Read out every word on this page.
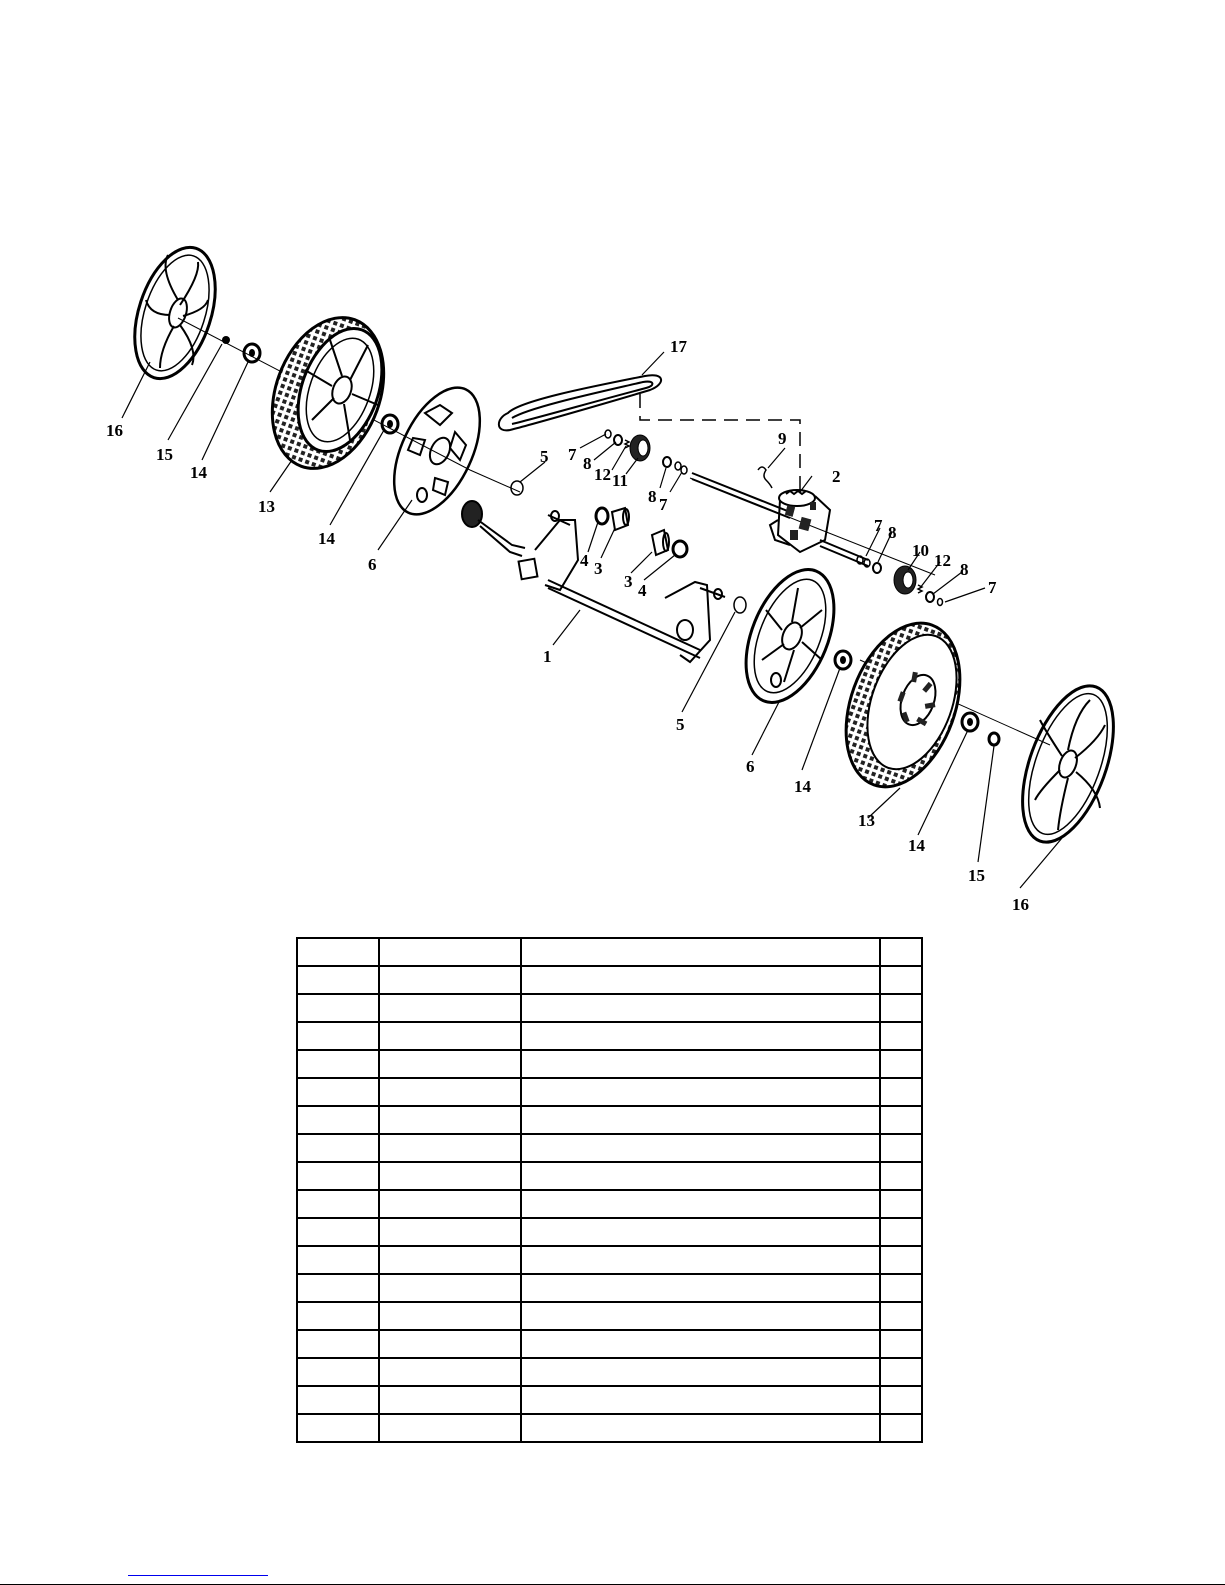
16
15
14
13
14
6
5
17
9
2
7 8
12 11
8 7
4 3
3 4
1
7 8
10
12 8
7
5
6
14
13
14
15
16
